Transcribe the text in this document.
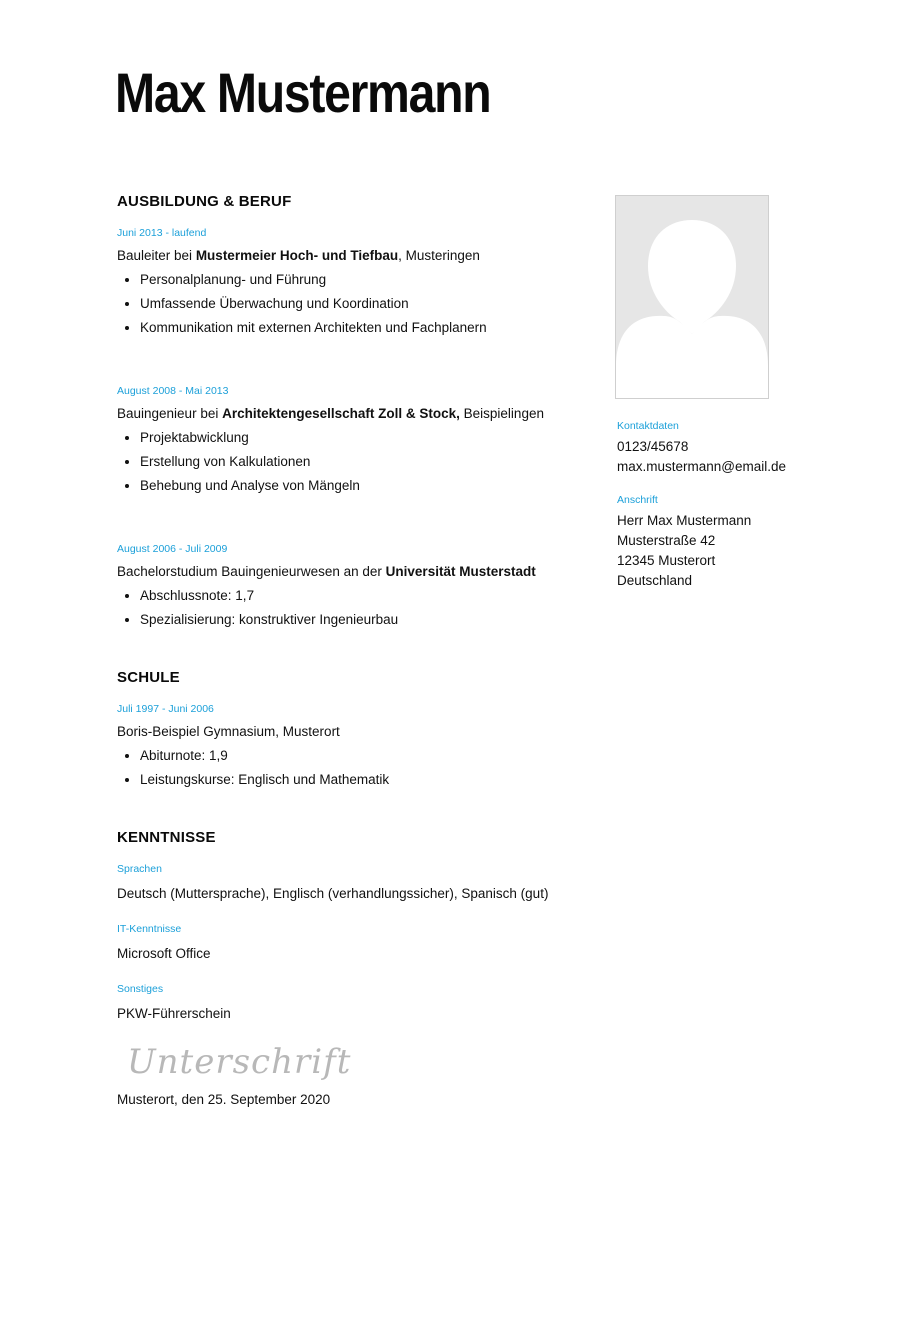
Max Mustermann
AUSBILDUNG & BERUF

Juni 2013 - laufend

Bauleiter bei Mustermeier Hoch- und Tiefbau, Musteringen

• Personalplanung- und Führung
• Umfassende Überwachung und Koordination
• Kommunikation mit externen Architekten und Fachplanern

August 2008 - Mai 2013

Bauingenieur bei Architektengesellschaft Zoll & Stock, Beispielingen

• Projektabwicklung
• Erstellung von Kalkulationen
• Behebung und Analyse von Mängeln

August 2006 - Juli 2009

Bachelorstudium Bauingenieurwesen an der Universität Musterstadt

• Abschlussnote: 1,7
• Spezialisierung: konstruktiver Ingenieurbau
SCHULE

Juli 1997 - Juni 2006

Boris-Beispiel Gymnasium, Musterort

• Abiturnote: 1,9
• Leistungskurse: Englisch und Mathematik
KENNTNISSE

Sprachen

Deutsch (Muttersprache), Englisch (verhandlungssicher), Spanisch (gut)

IT-Kenntnisse

Microsoft Office

Sonstiges

PKW-Führerschein

Unterschrift

Musterort, den 25. September 2020

Kontaktdaten

0123/45678

max.mustermann@email.de

Anschrift

Herr Max Mustermann

Musterstraße 42

12345 Musterort

Deutschland
